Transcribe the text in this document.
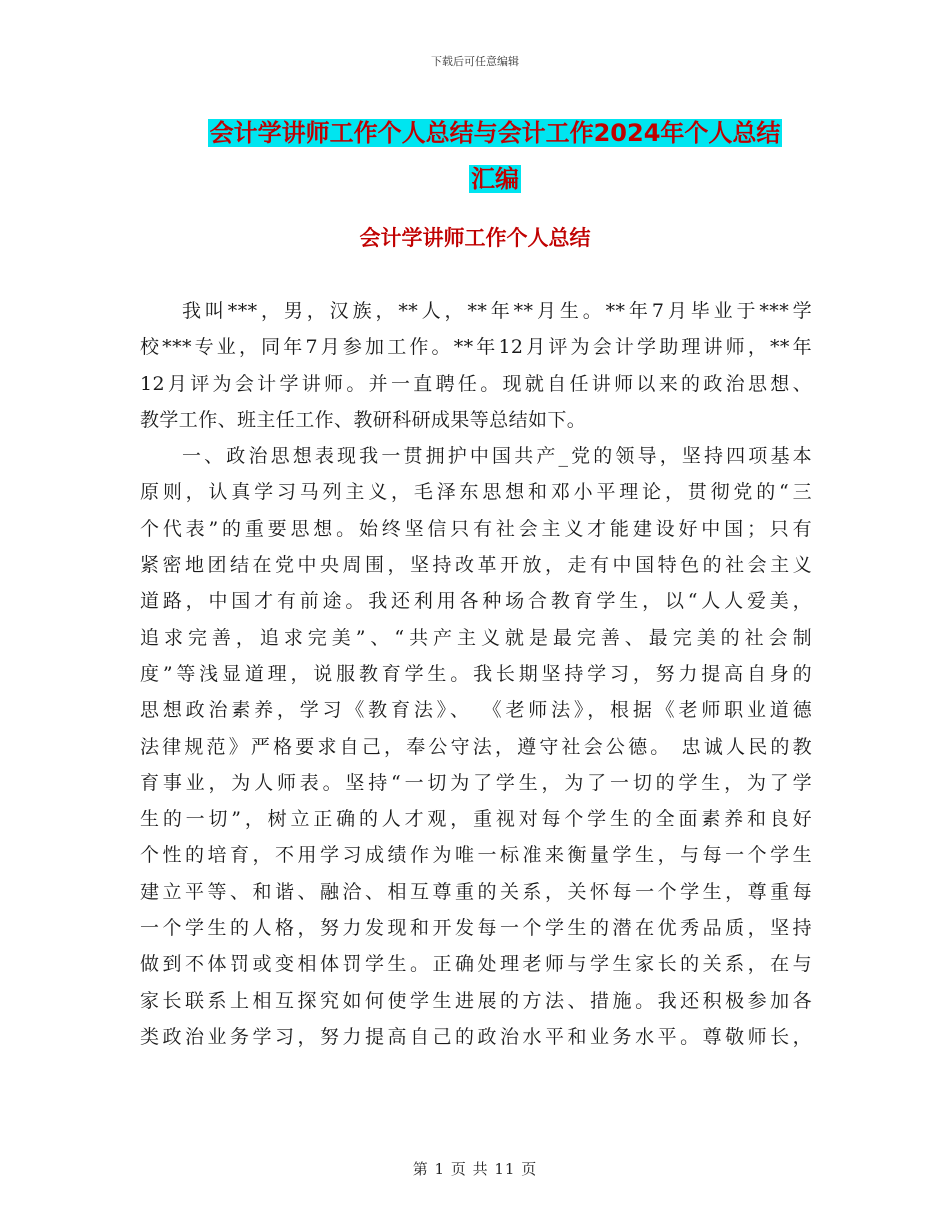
下载后可任意编辑
会计学讲师工作个人总结与会计工作2024年个人总结
汇编
会计学讲师工作个人总结
我叫***，男，汉族，**人，**年**月生。**年7月毕业于***学
校***专业，同年7月参加工作。**年12月评为会计学助理讲师，**年
12月评为会计学讲师。并一直聘任。现就自任讲师以来的政治思想、
教学工作、班主任工作、教研科研成果等总结如下。
一、政治思想表现我一贯拥护中国共产_党的领导，坚持四项基本
原则，认真学习马列主义，毛泽东思想和邓小平理论，贯彻党的“三
个代表”的重要思想。始终坚信只有社会主义才能建设好中国；只有
紧密地团结在党中央周围，坚持改革开放，走有中国特色的社会主义
道路，中国才有前途。我还利用各种场合教育学生，以“人人爱美，
追求完善，追求完美”、“共产主义就是最完善、最完美的社会制
度”等浅显道理，说服教育学生。我长期坚持学习，努力提高自身的
思想政治素养，学习《教育法》、 《老师法》，根据《老师职业道德
法律规范》严格要求自己，奉公守法，遵守社会公德。 忠诚人民的教
育事业，为人师表。坚持“一切为了学生，为了一切的学生，为了学
生的一切”，树立正确的人才观，重视对每个学生的全面素养和良好
个性的培育，不用学习成绩作为唯一标准来衡量学生，与每一个学生
建立平等、和谐、融洽、相互尊重的关系，关怀每一个学生，尊重每
一个学生的人格，努力发现和开发每一个学生的潜在优秀品质，坚持
做到不体罚或变相体罚学生。正确处理老师与学生家长的关系，在与
家长联系上相互探究如何使学生进展的方法、措施。我还积极参加各
类政治业务学习，努力提高自己的政治水平和业务水平。尊敬师长，
第 1 页 共 11 页
